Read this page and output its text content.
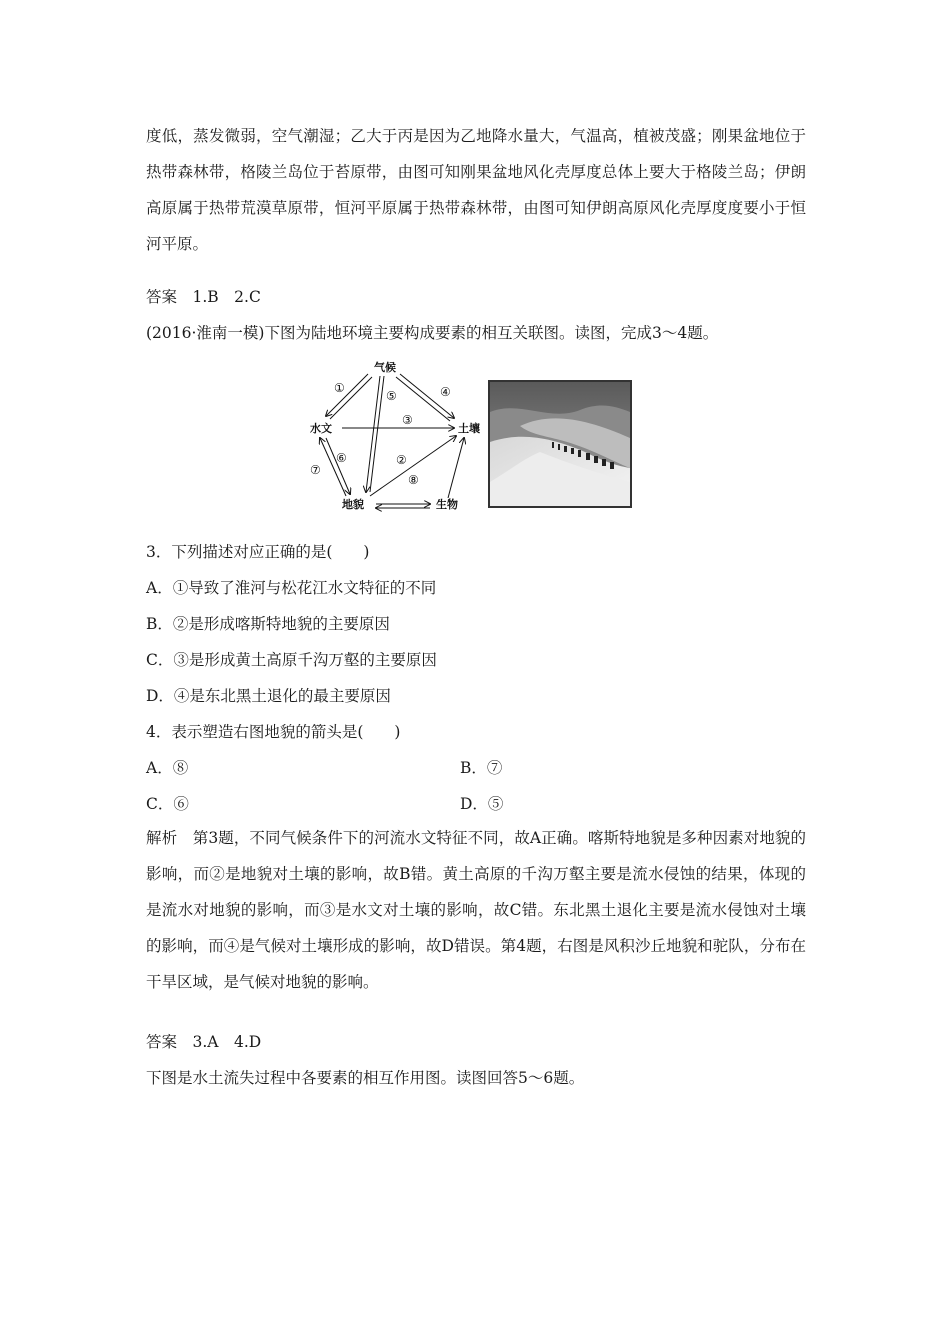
度低，蒸发微弱，空气潮湿；乙大于丙是因为乙地降水量大，气温高，植被茂盛；刚果盆地位于热带森林带，格陵兰岛位于苔原带，由图可知刚果盆地风化壳厚度总体上要大于格陵兰岛；伊朗高原属于热带荒漠草原带，恒河平原属于热带森林带，由图可知伊朗高原风化壳厚度度要小于恒河平原。
答案　1.B　2.C
(2016·淮南一模)下图为陆地环境主要构成要素的相互关联图。读图，完成3～4题。
气候
水文	土壤
地貌	生物
①
②
③
④
⑤
⑥
⑦
⑧
3．下列描述对应正确的是(　　)
A．①导致了淮河与松花江水文特征的不同
B．②是形成喀斯特地貌的主要原因
C．③是形成黄土高原千沟万壑的主要原因
D．④是东北黑土退化的最主要原因
4．表示塑造右图地貌的箭头是(　　)
A．⑧	B．⑦
C．⑥	D．⑤
解析　第3题，不同气候条件下的河流水文特征不同，故A正确。喀斯特地貌是多种因素对地貌的影响，而②是地貌对土壤的影响，故B错。黄土高原的千沟万壑主要是流水侵蚀的结果，体现的是流水对地貌的影响，而③是水文对土壤的影响，故C错。东北黑土退化主要是流水侵蚀对土壤的影响，而④是气候对土壤形成的影响，故D错误。第4题，右图是风积沙丘地貌和驼队，分布在干旱区域，是气候对地貌的影响。
答案　3.A　4.D
下图是水土流失过程中各要素的相互作用图。读图回答5～6题。
